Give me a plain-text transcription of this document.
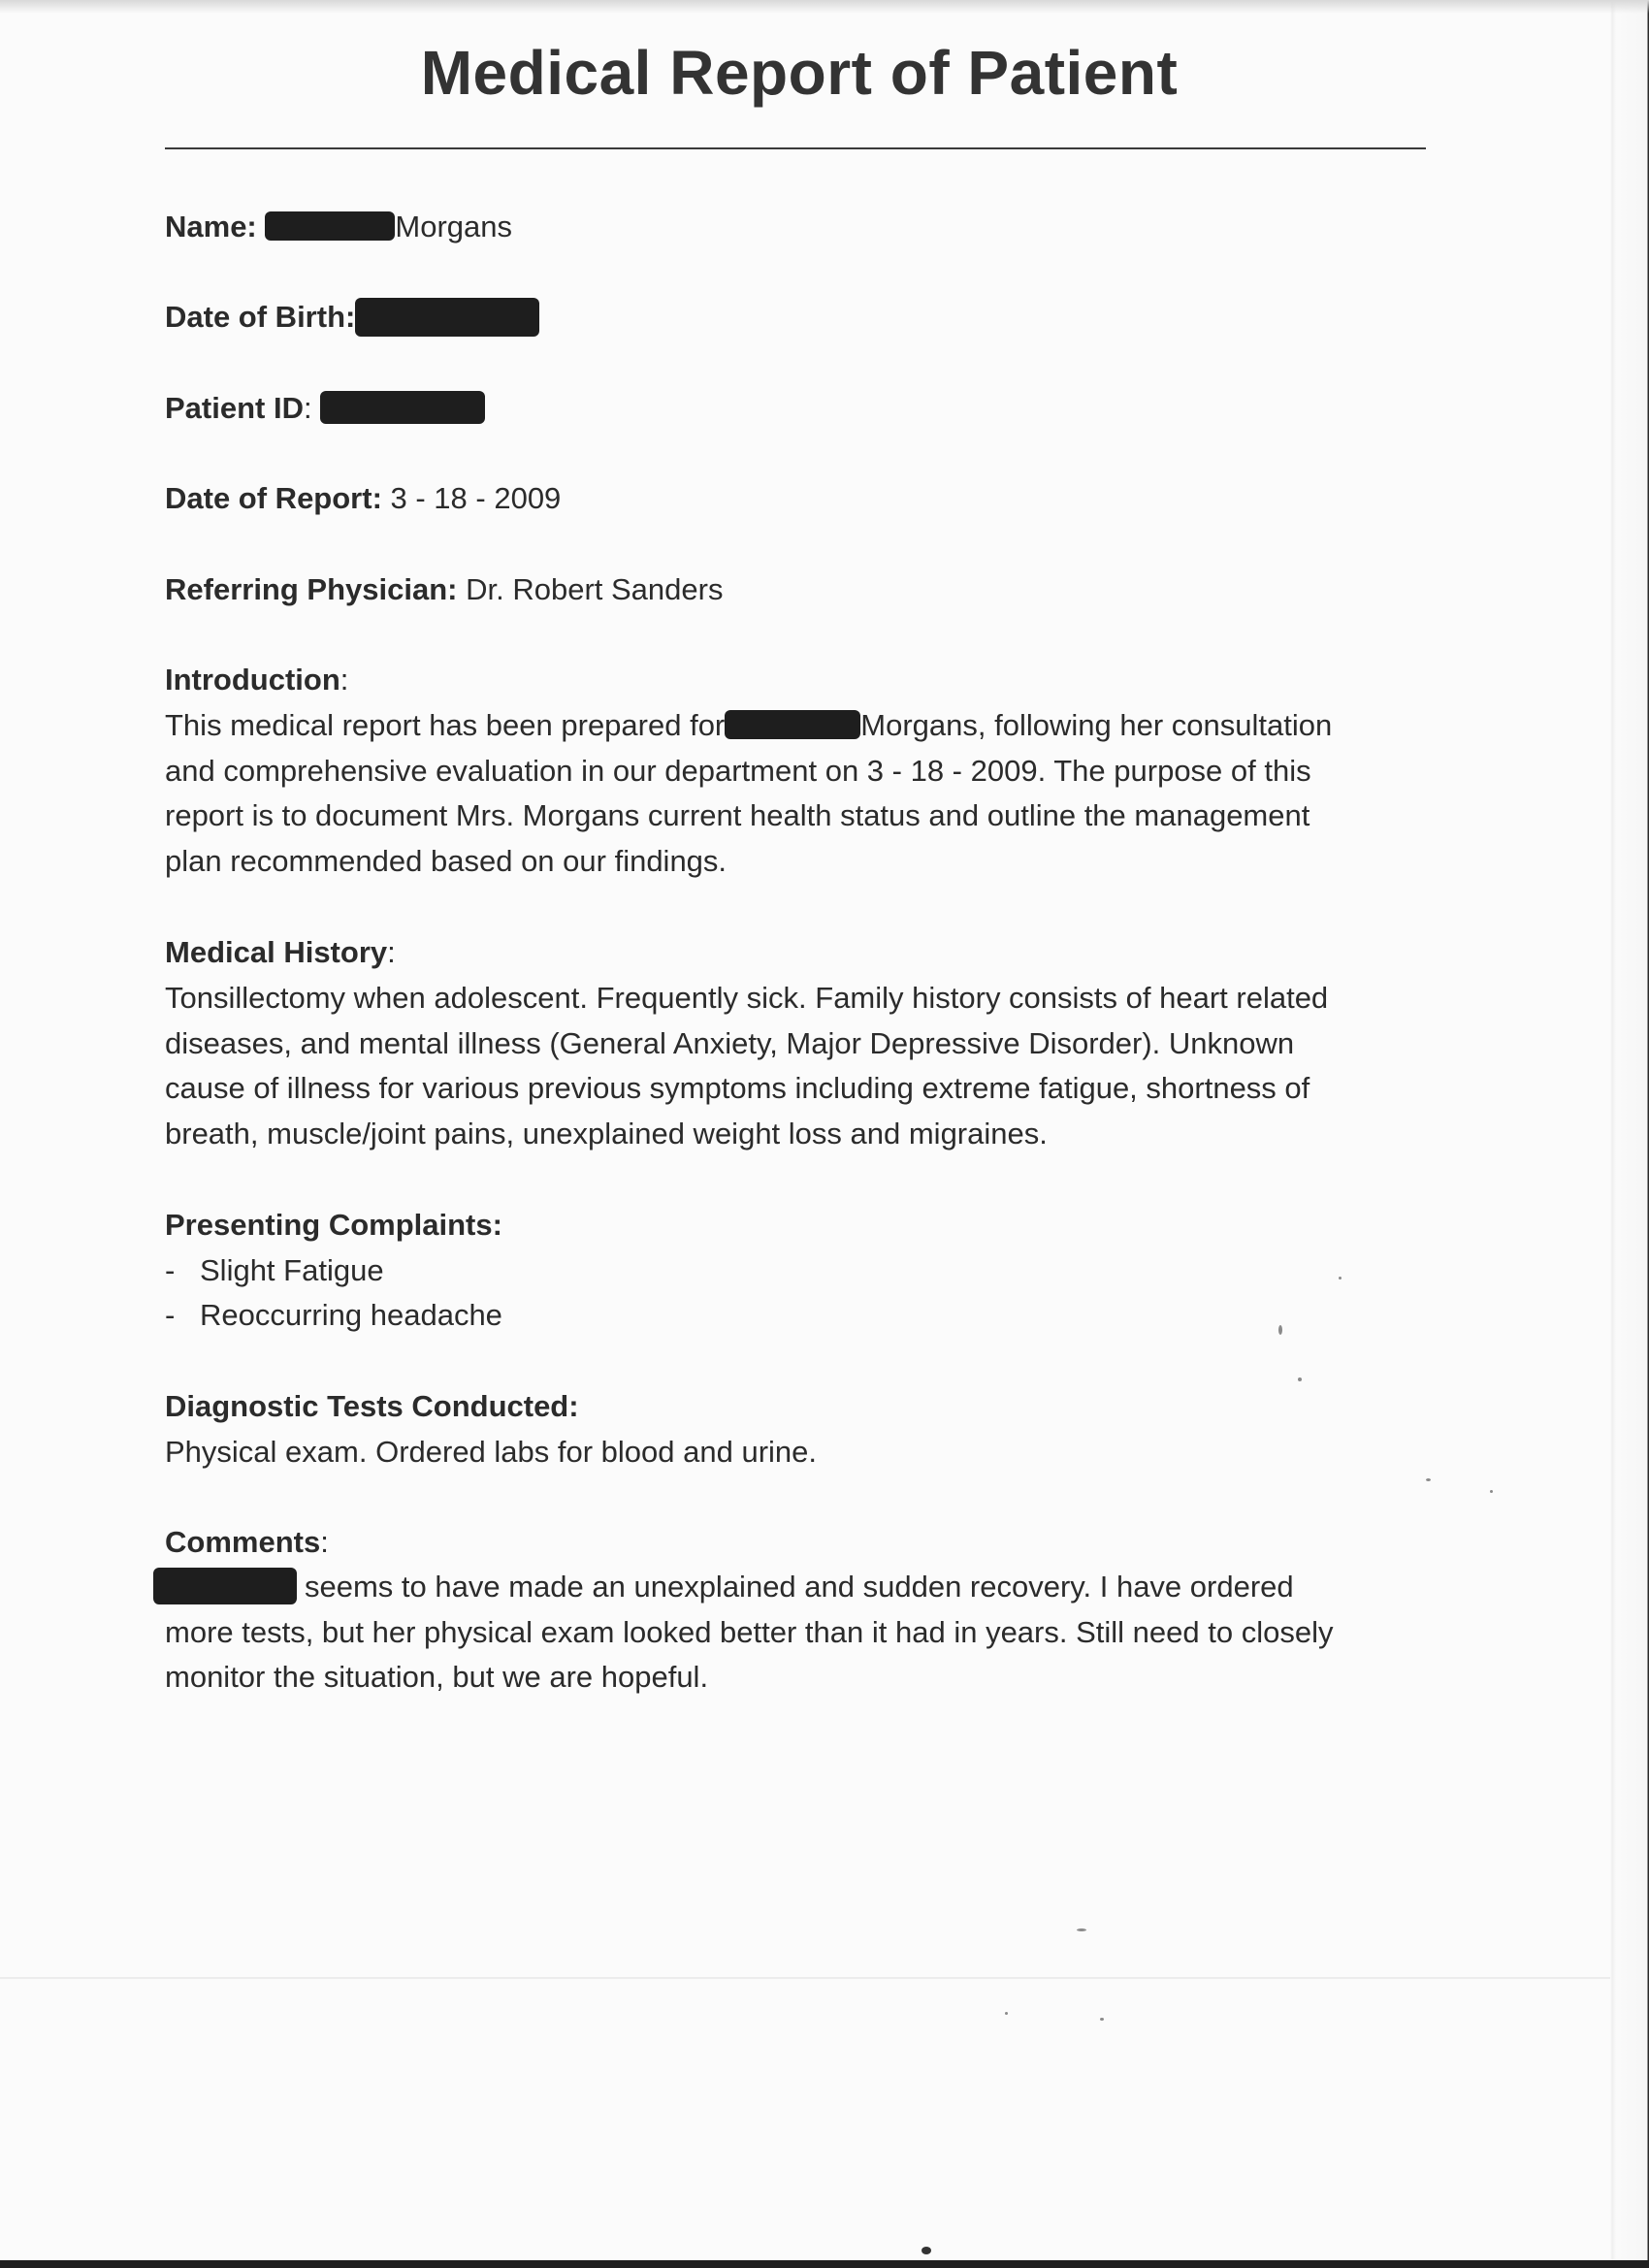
Medical Report of Patient
Name:	Morgans
Date of Birth:
Patient ID:
Date of Report: 3 - 18 - 2009
Referring Physician: Dr. Robert Sanders
Introduction:

This medical report has been prepared for	Morgans, following her consultation
and comprehensive evaluation in our department on 3 - 18 - 2009. The purpose of this
report is to document Mrs. Morgans current health status and outline the management
plan recommended based on our findings.

Medical History:

Tonsillectomy when adolescent. Frequently sick. Family history consists of heart related
diseases, and mental illness (General Anxiety, Major Depressive Disorder). Unknown
cause of illness for various previous symptoms including extreme fatigue, shortness of
breath, muscle/joint pains, unexplained weight loss and migraines.

Presenting Complaints:
- Slight Fatigue
- Reoccurring headache
Diagnostic Tests Conducted:

Physical exam. Ordered labs for blood and urine.

Comments:

seems to have made an unexplained and sudden recovery. I have ordered
more tests, but her physical exam looked better than it had in years. Still need to closely
monitor the situation, but we are hopeful.
